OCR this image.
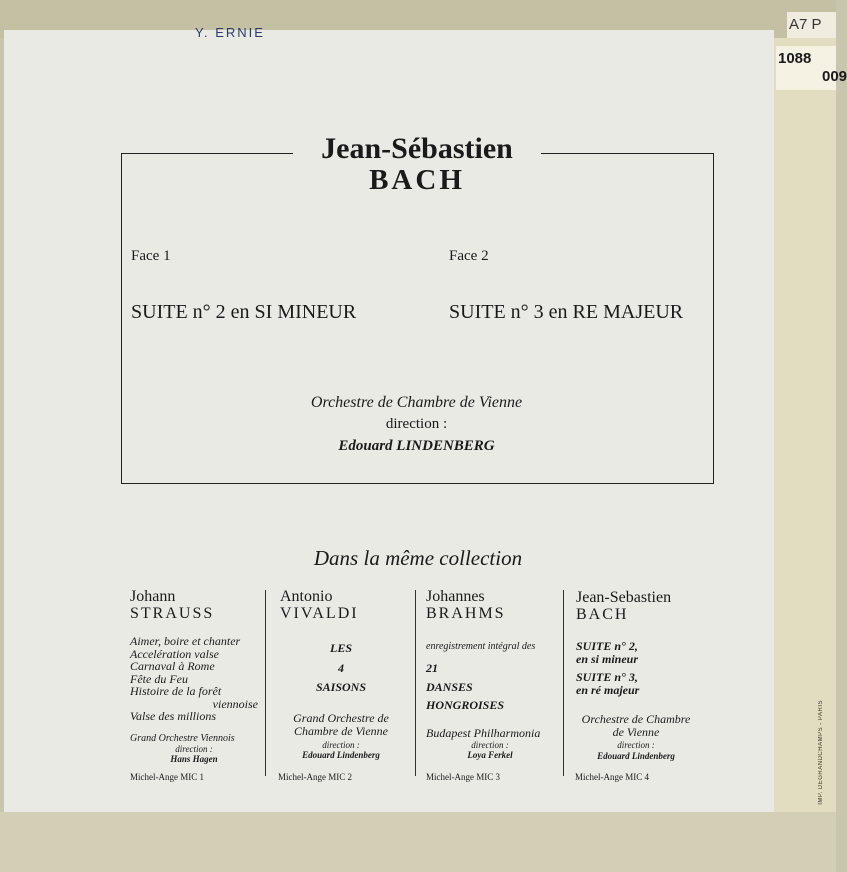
Y. ERNIE	A7 P
1088
009
IMP. DEGRANDCHAMPS - PARIS
Jean-Sébastien
BACH
Face 1	Face 2
SUITE n° 2 en SI MINEUR	SUITE n° 3 en RE MAJEUR
Orchestre de Chambre de Vienne
direction :
Edouard LINDENBERG
Dans la même collection
Johann
STRAUSS
Aimer, boire et chanter
Accelération valse
Carnaval à Rome
Fête du Feu
Histoire de la forêt
viennoise
Valse des millions
Grand Orchestre Viennois
direction :
Hans Hagen
Michel-Ange MIC 1
Antonio
VIVALDI
LES
4
SAISONS
Grand Orchestre de
Chambre de Vienne
direction :
Edouard Lindenberg
Michel-Ange MIC 2
Johannes
BRAHMS
enregistrement intégral des
21
DANSES
HONGROISES
Budapest Philharmonia
direction :
Loya Ferkel
Michel-Ange MIC 3
Jean-Sebastien
BACH
SUITE n° 2,
en si mineur
SUITE n° 3,
en ré majeur
Orchestre de Chambre
de Vienne
direction :
Edouard Lindenberg
Michel-Ange MIC 4
